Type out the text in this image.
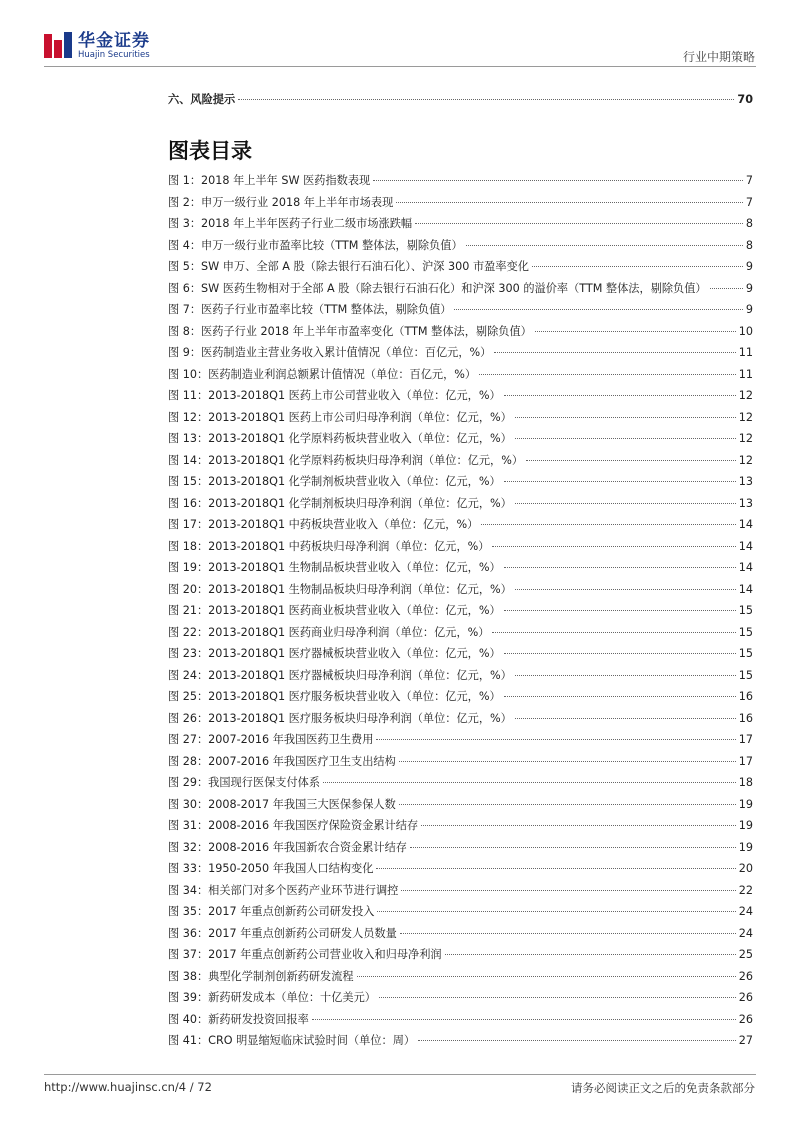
华金证券
Huajin Securities	行业中期策略
六、风险提示	70
图表目录
图 1：2018 年上半年 SW 医药指数表现	7
图 2：申万一级行业 2018 年上半年市场表现	7
图 3：2018 年上半年医药子行业二级市场涨跌幅	8
图 4：申万一级行业市盈率比较（TTM 整体法，剔除负值）	8
图 5：SW 申万、全部 A 股（除去银行石油石化）、沪深 300 市盈率变化	9
图 6：SW 医药生物相对于全部 A 股（除去银行石油石化）和沪深 300 的溢价率（TTM 整体法，剔除负值）	9
图 7：医药子行业市盈率比较（TTM 整体法，剔除负值）	9
图 8：医药子行业 2018 年上半年市盈率变化（TTM 整体法，剔除负值）	10
图 9：医药制造业主营业务收入累计值情况（单位：百亿元，%）	11
图 10：医药制造业利润总额累计值情况（单位：百亿元，%）	11
图 11：2013-2018Q1 医药上市公司营业收入（单位：亿元，%）	12
图 12：2013-2018Q1 医药上市公司归母净利润（单位：亿元，%）	12
图 13：2013-2018Q1 化学原料药板块营业收入（单位：亿元，%）	12
图 14：2013-2018Q1 化学原料药板块归母净利润（单位：亿元，%）	12
图 15：2013-2018Q1 化学制剂板块营业收入（单位：亿元，%）	13
图 16：2013-2018Q1 化学制剂板块归母净利润（单位：亿元，%）	13
图 17：2013-2018Q1 中药板块营业收入（单位：亿元，%）	14
图 18：2013-2018Q1 中药板块归母净利润（单位：亿元，%）	14
图 19：2013-2018Q1 生物制品板块营业收入（单位：亿元，%）	14
图 20：2013-2018Q1 生物制品板块归母净利润（单位：亿元，%）	14
图 21：2013-2018Q1 医药商业板块营业收入（单位：亿元，%）	15
图 22：2013-2018Q1 医药商业归母净利润（单位：亿元，%）	15
图 23：2013-2018Q1 医疗器械板块营业收入（单位：亿元，%）	15
图 24：2013-2018Q1 医疗器械板块归母净利润（单位：亿元，%）	15
图 25：2013-2018Q1 医疗服务板块营业收入（单位：亿元，%）	16
图 26：2013-2018Q1 医疗服务板块归母净利润（单位：亿元，%）	16
图 27：2007-2016 年我国医药卫生费用	17
图 28：2007-2016 年我国医疗卫生支出结构	17
图 29：我国现行医保支付体系	18
图 30：2008-2017 年我国三大医保参保人数	19
图 31：2008-2016 年我国医疗保险资金累计结存	19
图 32：2008-2016 年我国新农合资金累计结存	19
图 33：1950-2050 年我国人口结构变化	20
图 34：相关部门对多个医药产业环节进行调控	22
图 35：2017 年重点创新药公司研发投入	24
图 36：2017 年重点创新药公司研发人员数量	24
图 37：2017 年重点创新药公司营业收入和归母净利润	25
图 38：典型化学制剂创新药研发流程	26
图 39：新药研发成本（单位：十亿美元）	26
图 40：新药研发投资回报率	26
图 41：CRO 明显缩短临床试验时间（单位：周）	27
http://www.huajinsc.cn/4 / 72	请务必阅读正文之后的免责条款部分
